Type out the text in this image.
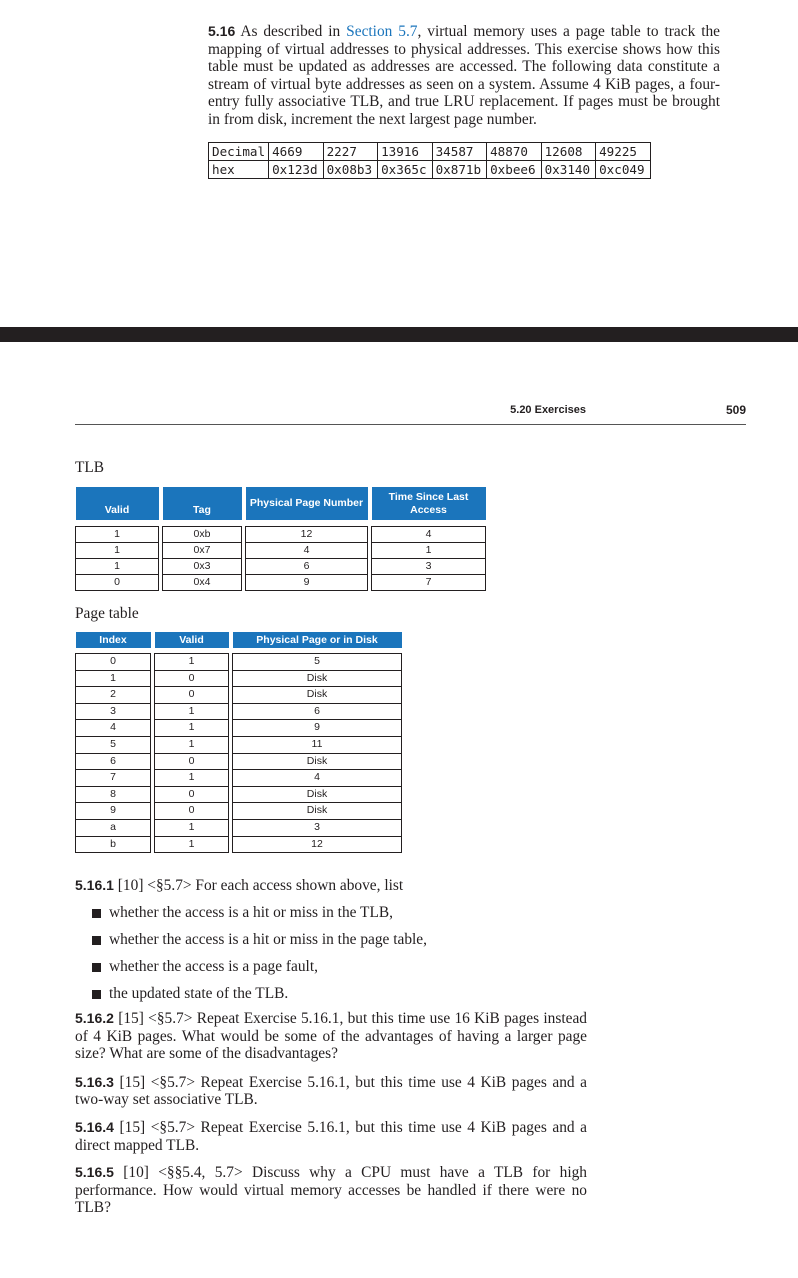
5.16 As described in Section 5.7, virtual memory uses a page table to track the mapping of virtual addresses to physical addresses. This exercise shows how this table must be updated as addresses are accessed. The following data constitute a stream of virtual byte addresses as seen on a system. Assume 4 KiB pages, a four-entry fully associative TLB, and true LRU replacement. If pages must be brought in from disk, increment the next largest page number.
Decimal	4669	2227	13916	34587	48870	12608	49225
hex	0x123d	0x08b3	0x365c	0x871b	0xbee6	0x3140	0xc049
5.20 Exercises	509
TLB
Valid		Tag		Physical Page Number		Time Since Last Access

1		0xb		12		4
1		0x7		4		1
1		0x3		6		3
0		0x4		9		7
Page table
Index		Valid		Physical Page or in Disk

0		1		5
1		0		Disk
2		0		Disk
3		1		6
4		1		9
5		1		11
6		0		Disk
7		1		4
8		0		Disk
9		0		Disk
a		1		3
b		1		12
5.16.1 [10] <§5.7> For each access shown above, list
whether the access is a hit or miss in the TLB,
whether the access is a hit or miss in the page table,
whether the access is a page fault,
the updated state of the TLB.
5.16.2 [15] <§5.7> Repeat Exercise 5.16.1, but this time use 16 KiB pages instead of 4 KiB pages. What would be some of the advantages of having a larger page size? What are some of the disadvantages?
5.16.3 [15] <§5.7> Repeat Exercise 5.16.1, but this time use 4 KiB pages and a two-way set associative TLB.
5.16.4 [15] <§5.7> Repeat Exercise 5.16.1, but this time use 4 KiB pages and a direct mapped TLB.
5.16.5 [10] <§§5.4, 5.7> Discuss why a CPU must have a TLB for high performance. How would virtual memory accesses be handled if there were no TLB?
